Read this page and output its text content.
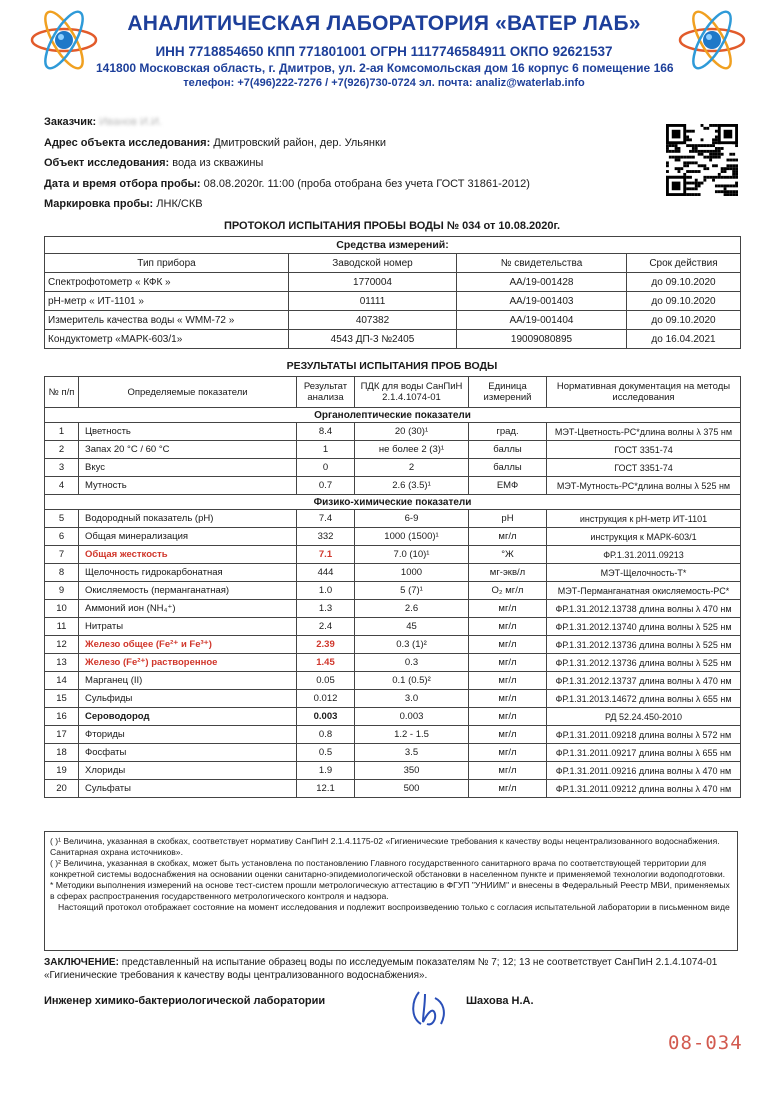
АНАЛИТИЧЕСКАЯ ЛАБОРАТОРИЯ «ВАТЕР ЛАБ»
ИНН 7718854650 КПП 771801001 ОГРН 1117746584911 ОКПО 92621537
141800 Московская область, г. Дмитров, ул. 2-ая Комсомольская дом 16 корпус 6 помещение 166
телефон: +7(496)222-7276 / +7(926)730-0724 эл. почта: analiz@waterlab.info
Заказчик: Иванов И.И.
Адрес объекта исследования: Дмитровский район, дер. Ульянки
Объект исследования: вода из скважины
Дата и время отбора пробы: 08.08.2020г. 11:00 (проба отобрана без учета ГОСТ 31861-2012)
Маркировка пробы: ЛНК/СКВ
ПРОТОКОЛ ИСПЫТАНИЯ ПРОБЫ ВОДЫ № 034 от 10.08.2020г.
Средства измерений:			
Тип прибора	Заводской номер	№ свидетельства	Срок действия
Спектрофотометр « КФК »	1770004	АА/19-001428	до 09.10.2020
pH-метр « ИТ-1101 »	01111	АА/19-001403	до 09.10.2020
Измеритель качества воды « WMM-72 »	407382	АА/19-001404	до 09.10.2020
Кондуктометр «МАРК-603/1»	4543 ДП-3 №2405	19009080895	до 16.04.2021
РЕЗУЛЬТАТЫ ИСПЫТАНИЯ ПРОБ ВОДЫ
№ п/п	Определяемые показатели	Результат анализа	ПДК для воды СанПиН 2.1.4.1074-01	Единица измерений	Нормативная документация на методы исследования
Органолептические показатели					
1	Цветность	8.4	20 (30)¹	град.	МЭТ-Цветность-РС*длина волны λ 375 нм
2	Запах 20 °С / 60 °С	1	не более 2 (3)¹	баллы	ГОСТ 3351-74
3	Вкус	0	2	баллы	ГОСТ 3351-74
4	Мутность	0.7	2.6 (3.5)¹	ЕМФ	МЭТ-Мутность-РС*длина волны λ 525 нм
Физико-химические показатели					
5	Водородный показатель (pH)	7.4	6-9	pH	инструкция к pH-метр ИТ-1101
6	Общая минерализация	332	1000 (1500)¹	мг/л	инструкция к МАРК-603/1
7	Общая жесткость	7.1	7.0 (10)¹	°Ж	ФР.1.31.2011.09213
8	Щелочность гидрокарбонатная	444	1000	мг-экв/л	МЭТ-Щелочность-Т*
9	Окисляемость (перманганатная)	1.0	5 (7)¹	О₂ мг/л	МЭТ-Перманганатная окисляемость-РС*
10	Аммоний ион (NH₄⁺)	1.3	2.6	мг/л	ФР.1.31.2012.13738 длина волны λ 470 нм
11	Нитраты	2.4	45	мг/л	ФР.1.31.2012.13740 длина волны λ 525 нм
12	Железо общее (Fe²⁺ и Fe³⁺)	2.39	0.3 (1)²	мг/л	ФР.1.31.2012.13736 длина волны λ 525 нм
13	Железо (Fe²⁺) растворенное	1.45	0.3	мг/л	ФР.1.31.2012.13736 длина волны λ 525 нм
14	Марганец (II)	0.05	0.1 (0.5)²	мг/л	ФР.1.31.2012.13737 длина волны λ 470 нм
15	Сульфиды	0.012	3.0	мг/л	ФР.1.31.2013.14672 длина волны λ 655 нм
16	Сероводород	0.003	0.003	мг/л	РД 52.24.450-2010
17	Фториды	0.8	1.2 - 1.5	мг/л	ФР.1.31.2011.09218 длина волны λ 572 нм
18	Фосфаты	0.5	3.5	мг/л	ФР.1.31.2011.09217 длина волны λ 655 нм
19	Хлориды	1.9	350	мг/л	ФР.1.31.2011.09216 длина волны λ 470 нм
20	Сульфаты	12.1	500	мг/л	ФР.1.31.2011.09212 длина волны λ 470 нм

( )¹ Величина, указанная в скобках, соответствует нормативу СанПиН 2.1.4.1175-02 «Гигиенические требования к качеству воды нецентрализованного водоснабжения. Санитарная охрана источников».

( )² Величина, указанная в скобках, может быть установлена по постановлению Главного государственного санитарного врача по соответствующей территории для конкретной системы водоснабжения на основании оценки санитарно-эпидемиологической обстановки в населенном пункте и применяемой технологии водоподготовки.

* Методики выполнения измерений на основе тест-систем прошли метрологическую аттестацию в ФГУП "УНИИМ" и внесены в Федеральный Реестр МВИ, применяемых в сферах распространения государственного метрологического контроля и надзора.

Настоящий протокол отображает состояние на момент исследования и подлежит воспроизведению только с согласия испытательной лаборатории в письменном виде

ЗАКЛЮЧЕНИЕ: представленный на испытание образец воды по исследуемым показателям № 7; 12; 13 не соответствует СанПиН 2.1.4.1074-01 «Гигиенические требования к качеству воды централизованного водоснабжения».
Инженер химико-бактериологической лаборатории	Шахова Н.А.
08-034
